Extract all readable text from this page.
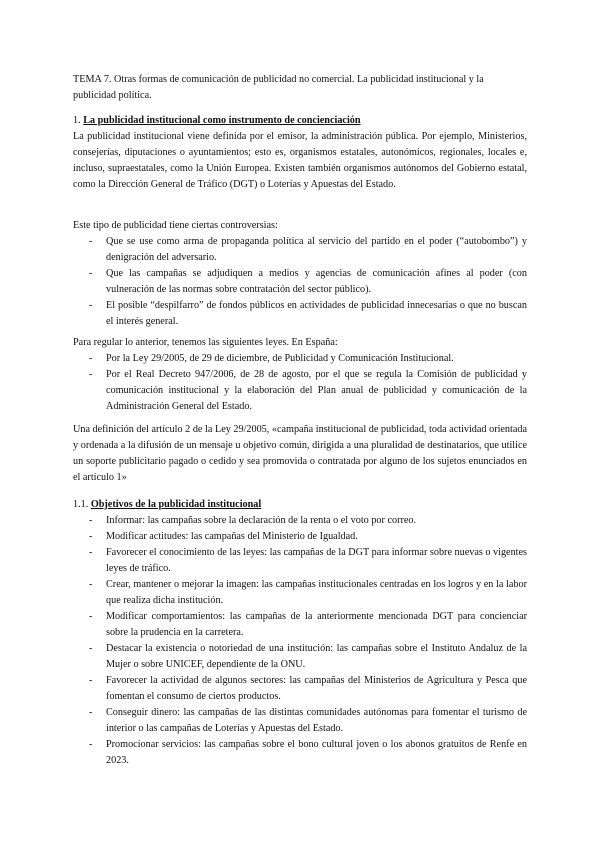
TEMA 7. Otras formas de comunicación de publicidad no comercial. La publicidad institucional y la publicidad política.
1. La publicidad institucional como instrumento de concienciación
La publicidad institucional viene definida por el emisor, la administración pública. Por ejemplo, Ministerios, consejerías, diputaciones o ayuntamientos; esto es, organismos estatales, autonómicos, regionales, locales e, incluso, supraestatales, como la Unión Europea. Existen también organismos autónomos del Gobierno estatal, como la Dirección General de Tráfico (DGT) o Loterías y Apuestas del Estado.
Este tipo de publicidad tiene ciertas controversias:
- Que se use como arma de propaganda política al servicio del partido en el poder (“autobombo”) y denigración del adversario.
- Que las campañas se adjudiquen a medios y agencias de comunicación afines al poder (con vulneración de las normas sobre contratación del sector público).
- El posible “despilfarro” de fondos públicos en actividades de publicidad innecesarias o que no buscan el interés general.
Para regular lo anterior, tenemos las siguientes leyes. En España:
- Por la Ley 29/2005, de 29 de diciembre, de Publicidad y Comunicación Institucional.
- Por el Real Decreto 947/2006, de 28 de agosto, por el que se regula la Comisión de publicidad y comunicación institucional y la elaboración del Plan anual de publicidad y comunicación de la Administración General del Estado.
Una definición del artículo 2 de la Ley 29/2005, «campaña institucional de publicidad, toda actividad orientada y ordenada a la difusión de un mensaje u objetivo común, dirigida a una pluralidad de destinatarios, que utilice un soporte publicitario pagado o cedido y sea promovida o contratada por alguno de los sujetos enunciados en el artículo 1»
1.1. Objetivos de la publicidad institucional
- Informar: las campañas sobre la declaración de la renta o el voto por correo.
- Modificar actitudes: las campañas del Ministerio de Igualdad.
- Favorecer el conocimiento de las leyes: las campañas de la DGT para informar sobre nuevas o vigentes leyes de tráfico.
- Crear, mantener o mejorar la imagen: las campañas institucionales centradas en los logros y en la labor que realiza dicha institución.
- Modificar comportamientos: las campañas de la anteriormente mencionada DGT para concienciar sobre la prudencia en la carretera.
- Destacar la existencia o notoriedad de una institución: las campañas sobre el Instituto Andaluz de la Mujer o sobre UNICEF, dependiente de la ONU.
- Favorecer la actividad de algunos sectores: las campañas del Ministerios de Agricultura y Pesca que fomentan el consumo de ciertos productos.
- Conseguir dinero: las campañas de las distintas comunidades autónomas para fomentar el turismo de interior o las campañas de Loterías y Apuestas del Estado.
- Promocionar servicios: las campañas sobre el bono cultural joven o los abonos gratuitos de Renfe en 2023.
